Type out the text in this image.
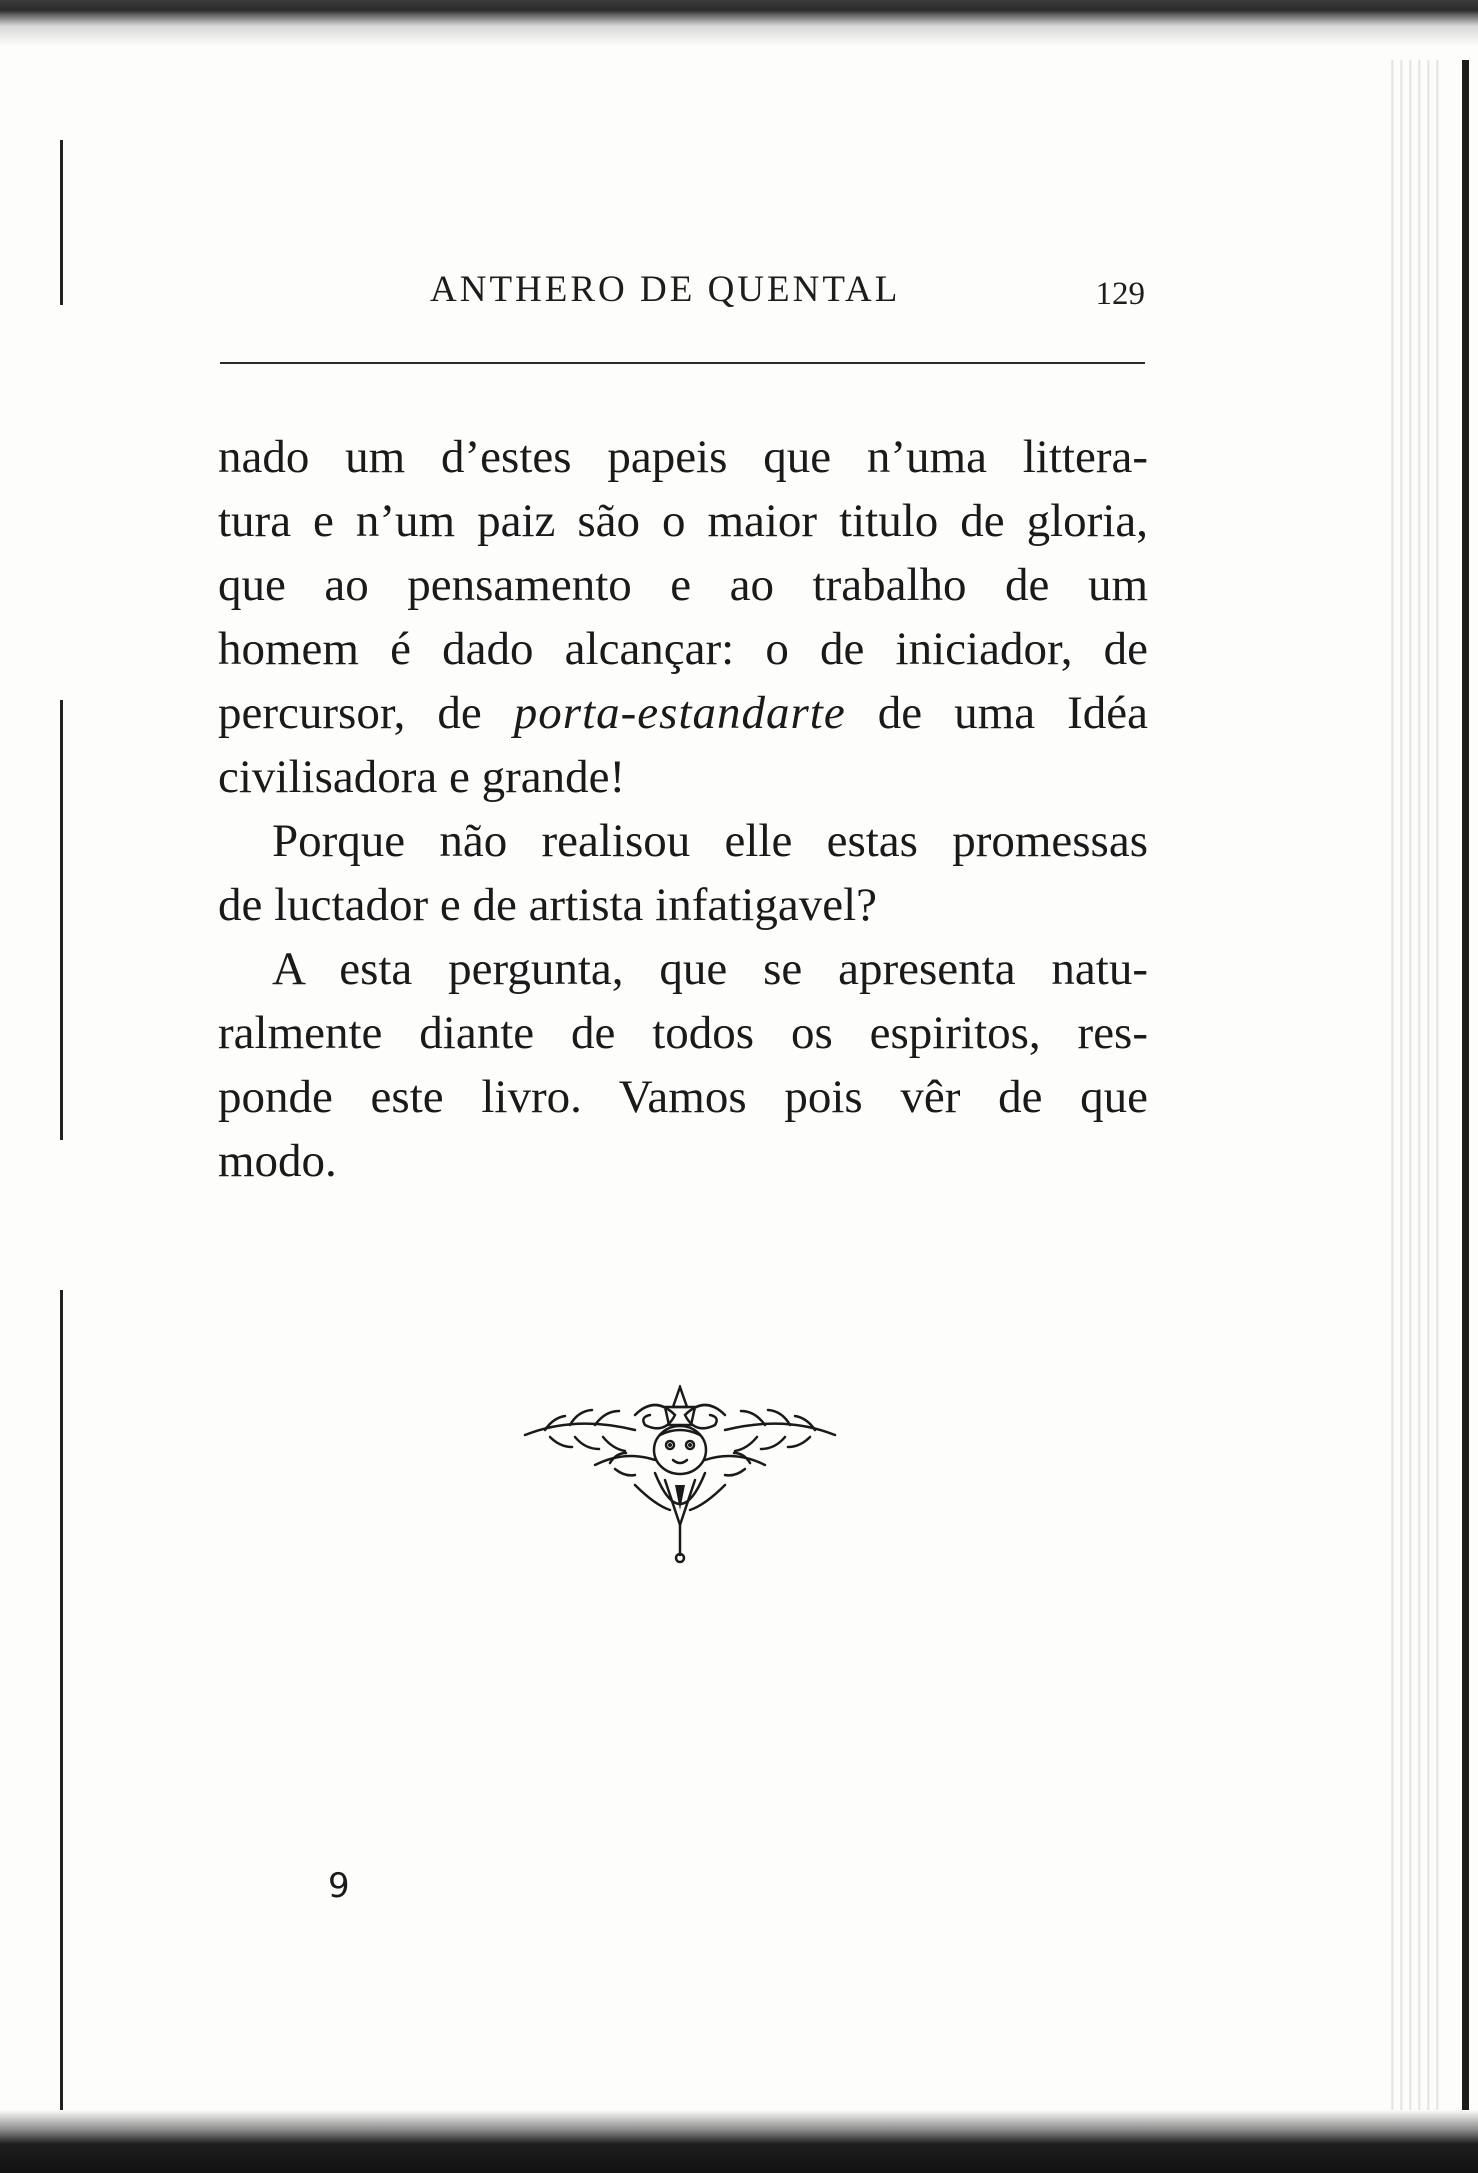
ANTHERO DE QUENTAL	129
nado um d’estes papeis que n’uma littera-
tura e n’um paiz são o maior titulo de gloria,
que ao pensamento e ao trabalho de um
homem é dado alcançar: o de iniciador, de
percursor, de porta-estandarte de uma Idéa
civilisadora e grande!
Porque não realisou elle estas promessas
de luctador e de artista infatigavel?
A esta pergunta, que se apresenta natu-
ralmente diante de todos os espiritos, res-
ponde este livro. Vamos pois vêr de que
modo.
9
